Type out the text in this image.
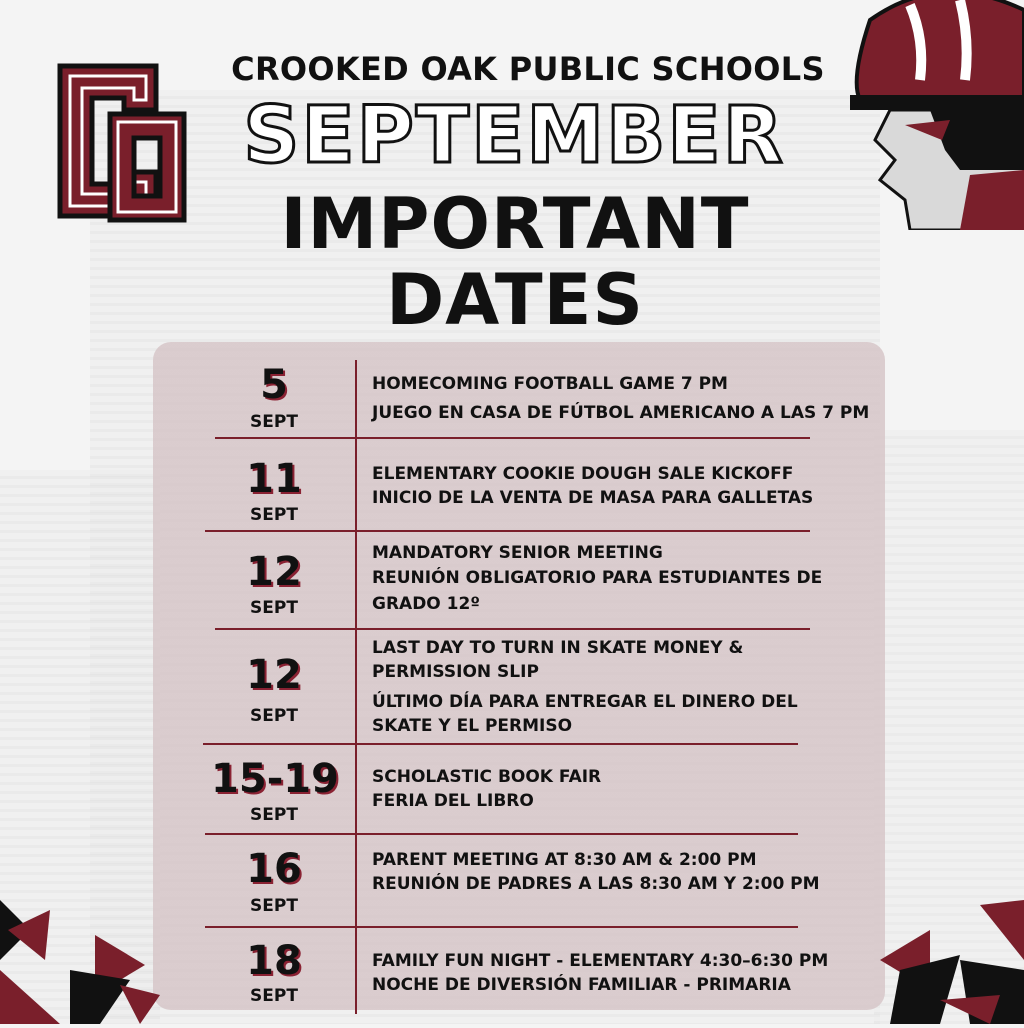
CROOKED OAK PUBLIC SCHOOLS
SEPTEMBER
IMPORTANT
DATES
5
SEPT

HOMECOMING FOOTBALL GAME 7 PM

JUEGO EN CASA DE FÚTBOL AMERICANO A LAS 7 PM

11
SEPT

ELEMENTARY COOKIE DOUGH SALE KICKOFF

INICIO DE LA VENTA DE MASA PARA GALLETAS

12
SEPT

MANDATORY SENIOR MEETING

REUNIÓN OBLIGATORIO PARA ESTUDIANTES DE GRADO 12º

12
SEPT

LAST DAY TO TURN IN SKATE MONEY & PERMISSION SLIP

ÚLTIMO DÍA PARA ENTREGAR EL DINERO DEL SKATE Y EL PERMISO

15-19
SEPT

SCHOLASTIC BOOK FAIR

FERIA DEL LIBRO

16
SEPT

PARENT MEETING AT 8:30 AM & 2:00 PM

REUNIÓN DE PADRES A LAS 8:30 AM Y 2:00 PM

18
SEPT

FAMILY FUN NIGHT - ELEMENTARY 4:30–6:30 PM

NOCHE DE DIVERSIÓN FAMILIAR - PRIMARIA
